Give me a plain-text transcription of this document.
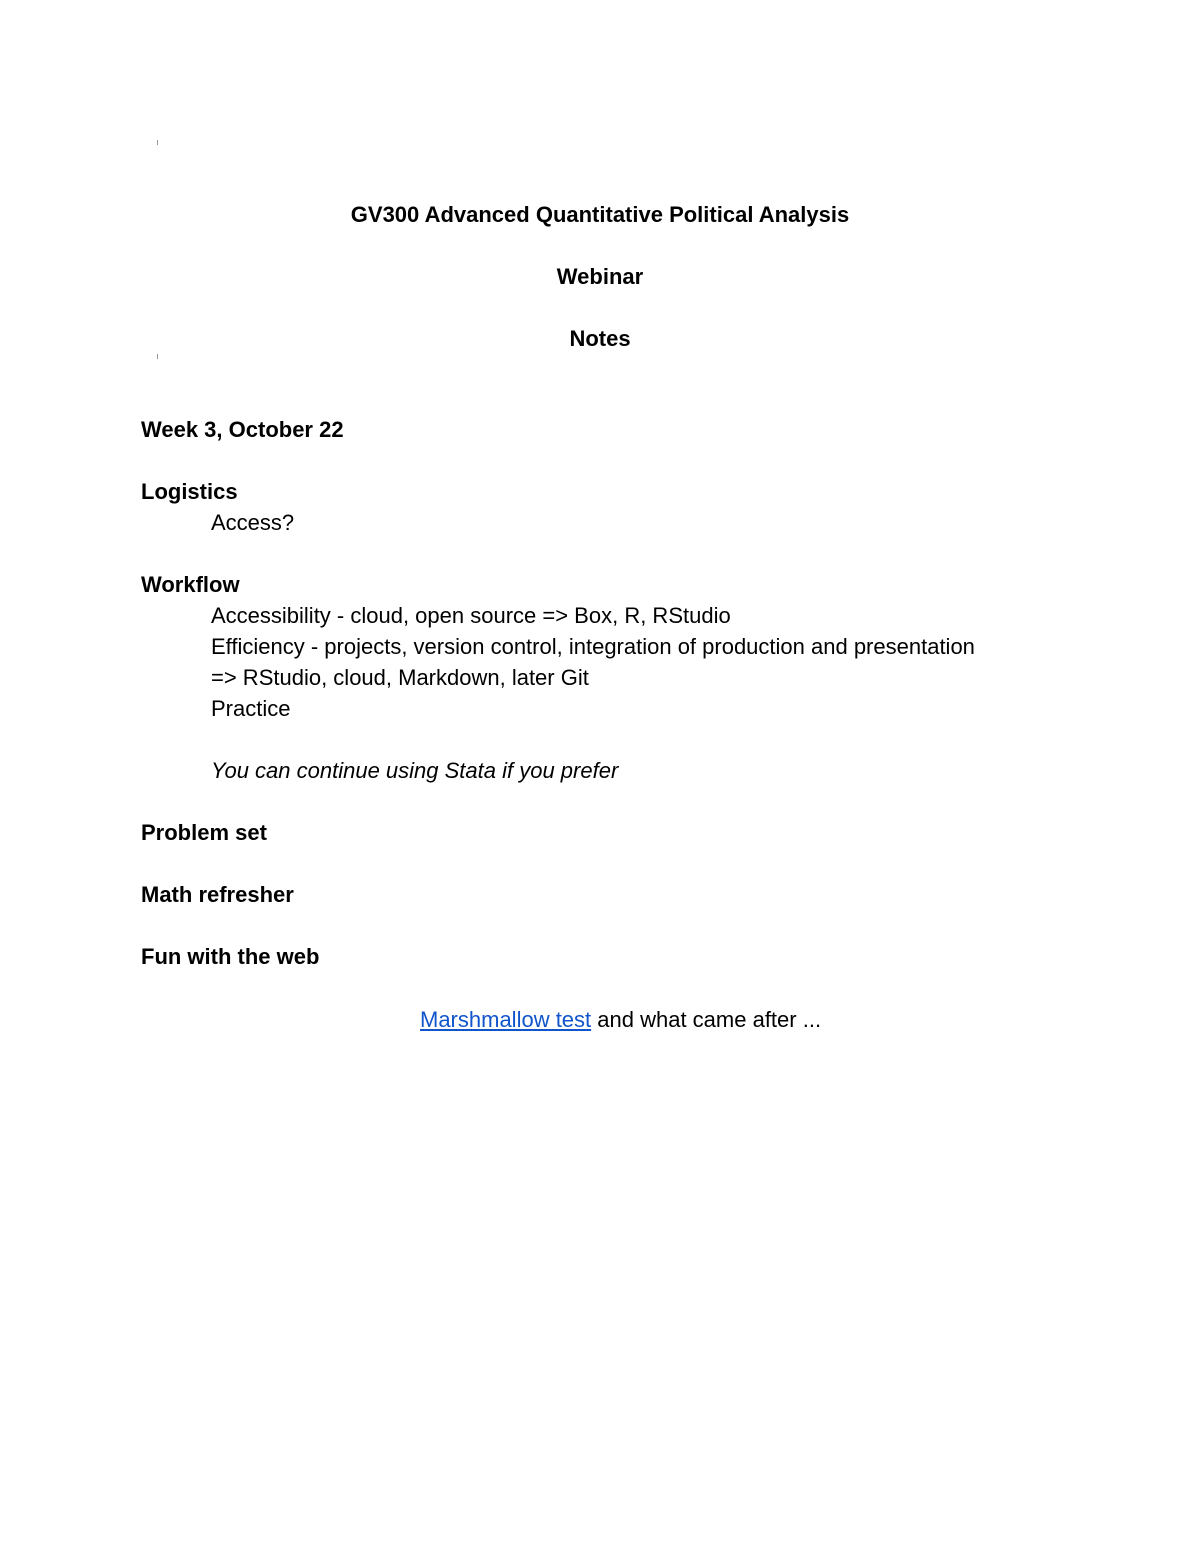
GV300 Advanced Quantitative Political Analysis
Webinar
Notes
Week 3, October 22
Logistics
Access?
Workflow
Accessibility - cloud, open source => Box, R, RStudio
Efficiency - projects, version control, integration of production and presentation
=> RStudio, cloud, Markdown, later Git
Practice
You can continue using Stata if you prefer
Problem set
Math refresher
Fun with the web
Marshmallow test and what came after ...
